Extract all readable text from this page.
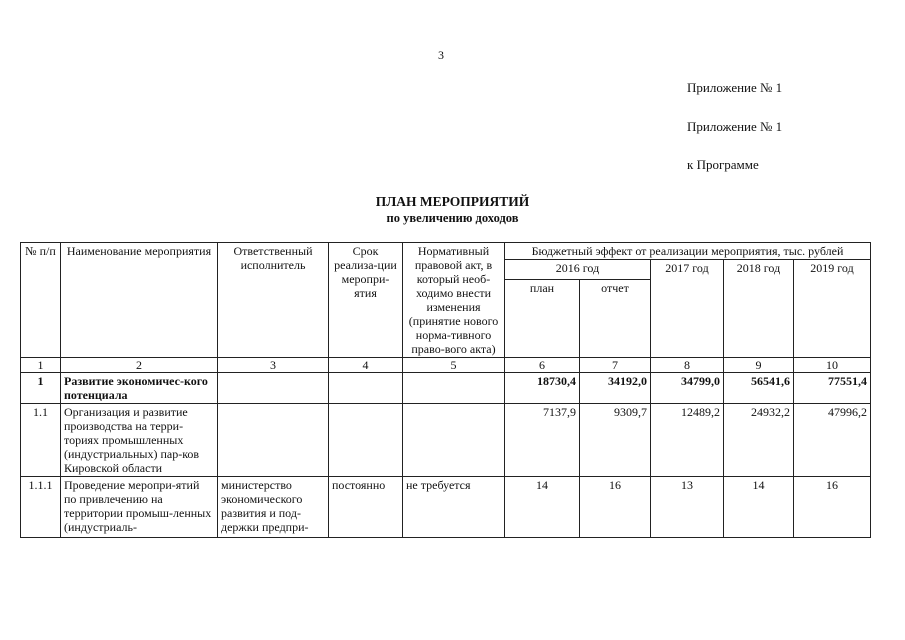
3
Приложение № 1
Приложение № 1
к Программе
ПЛАН МЕРОПРИЯТИЙ
по увеличению доходов
№ п/п	Наименование мероприятия	Ответственный исполнитель	Срок реализа-ции меропри-ятия	Нормативный правовой акт, в который необ-ходимо внести изменения (принятие нового норма-тивного право-вого акта)	Бюджетный эффект от реализации мероприятия, тыс. рублей				
					2016 год		2017 год	2018 год	2019 год
					план	отчет			
1	2	3	4	5	6	7	8	9	10
1	Развитие экономичес-кого потенциала				18730,4	34192,0	34799,0	56541,6	77551,4
1.1	Организация и развитие производства на терри-ториях промышленных (индустриальных) пар-ков Кировской области				7137,9	9309,7	12489,2	24932,2	47996,2
1.1.1	Проведение меропри-ятий по привлечению на территории промыш-ленных (индустриаль-	министерство экономического развития и под-держки предпри-	постоянно	не требуется	14	16	13	14	16
